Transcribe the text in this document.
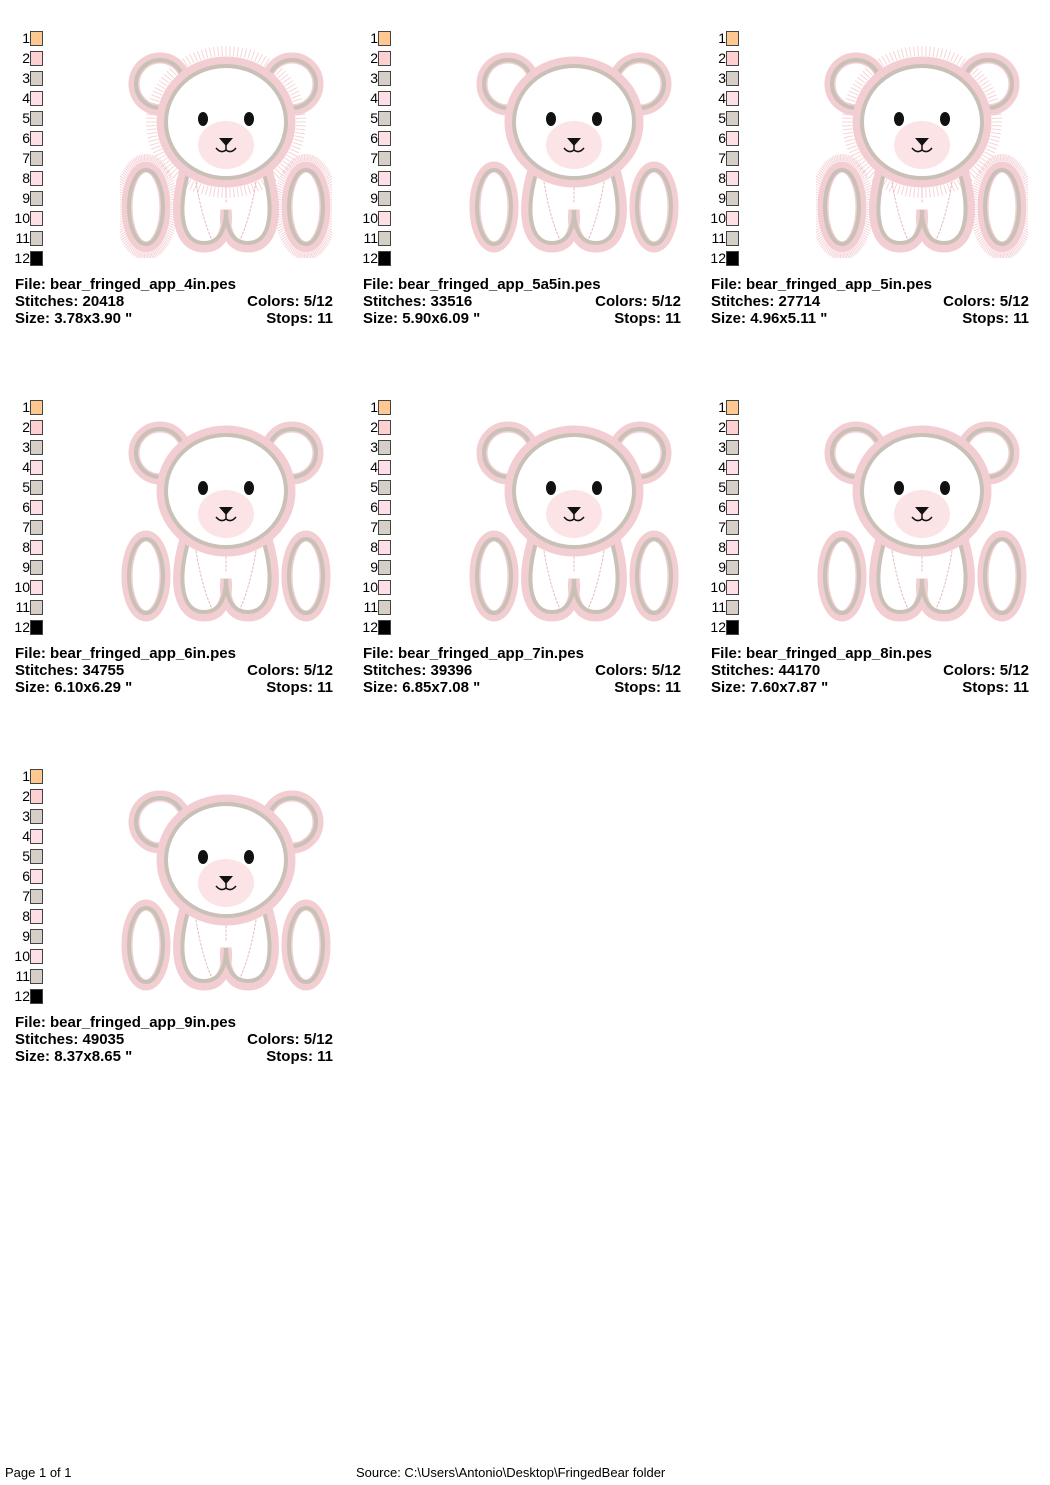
1
2
3
4
5
6
7
8
9
10
11
12
File: bear_fringed_app_4in.pes
Stitches: 20418	Colors: 5/12
Size: 3.78x3.90 "	Stops: 11
1
2
3
4
5
6
7
8
9
10
11
12
File: bear_fringed_app_5a5in.pes
Stitches: 33516	Colors: 5/12
Size: 5.90x6.09 "	Stops: 11
1
2
3
4
5
6
7
8
9
10
11
12
File: bear_fringed_app_5in.pes
Stitches: 27714	Colors: 5/12
Size: 4.96x5.11 "	Stops: 11
1
2
3
4
5
6
7
8
9
10
11
12
File: bear_fringed_app_6in.pes
Stitches: 34755	Colors: 5/12
Size: 6.10x6.29 "	Stops: 11
1
2
3
4
5
6
7
8
9
10
11
12
File: bear_fringed_app_7in.pes
Stitches: 39396	Colors: 5/12
Size: 6.85x7.08 "	Stops: 11
1
2
3
4
5
6
7
8
9
10
11
12
File: bear_fringed_app_8in.pes
Stitches: 44170	Colors: 5/12
Size: 7.60x7.87 "	Stops: 11
1
2
3
4
5
6
7
8
9
10
11
12
File: bear_fringed_app_9in.pes
Stitches: 49035	Colors: 5/12
Size: 8.37x8.65 "	Stops: 11
Page 1 of 1	Source: C:\Users\Antonio\Desktop\FringedBear folder
